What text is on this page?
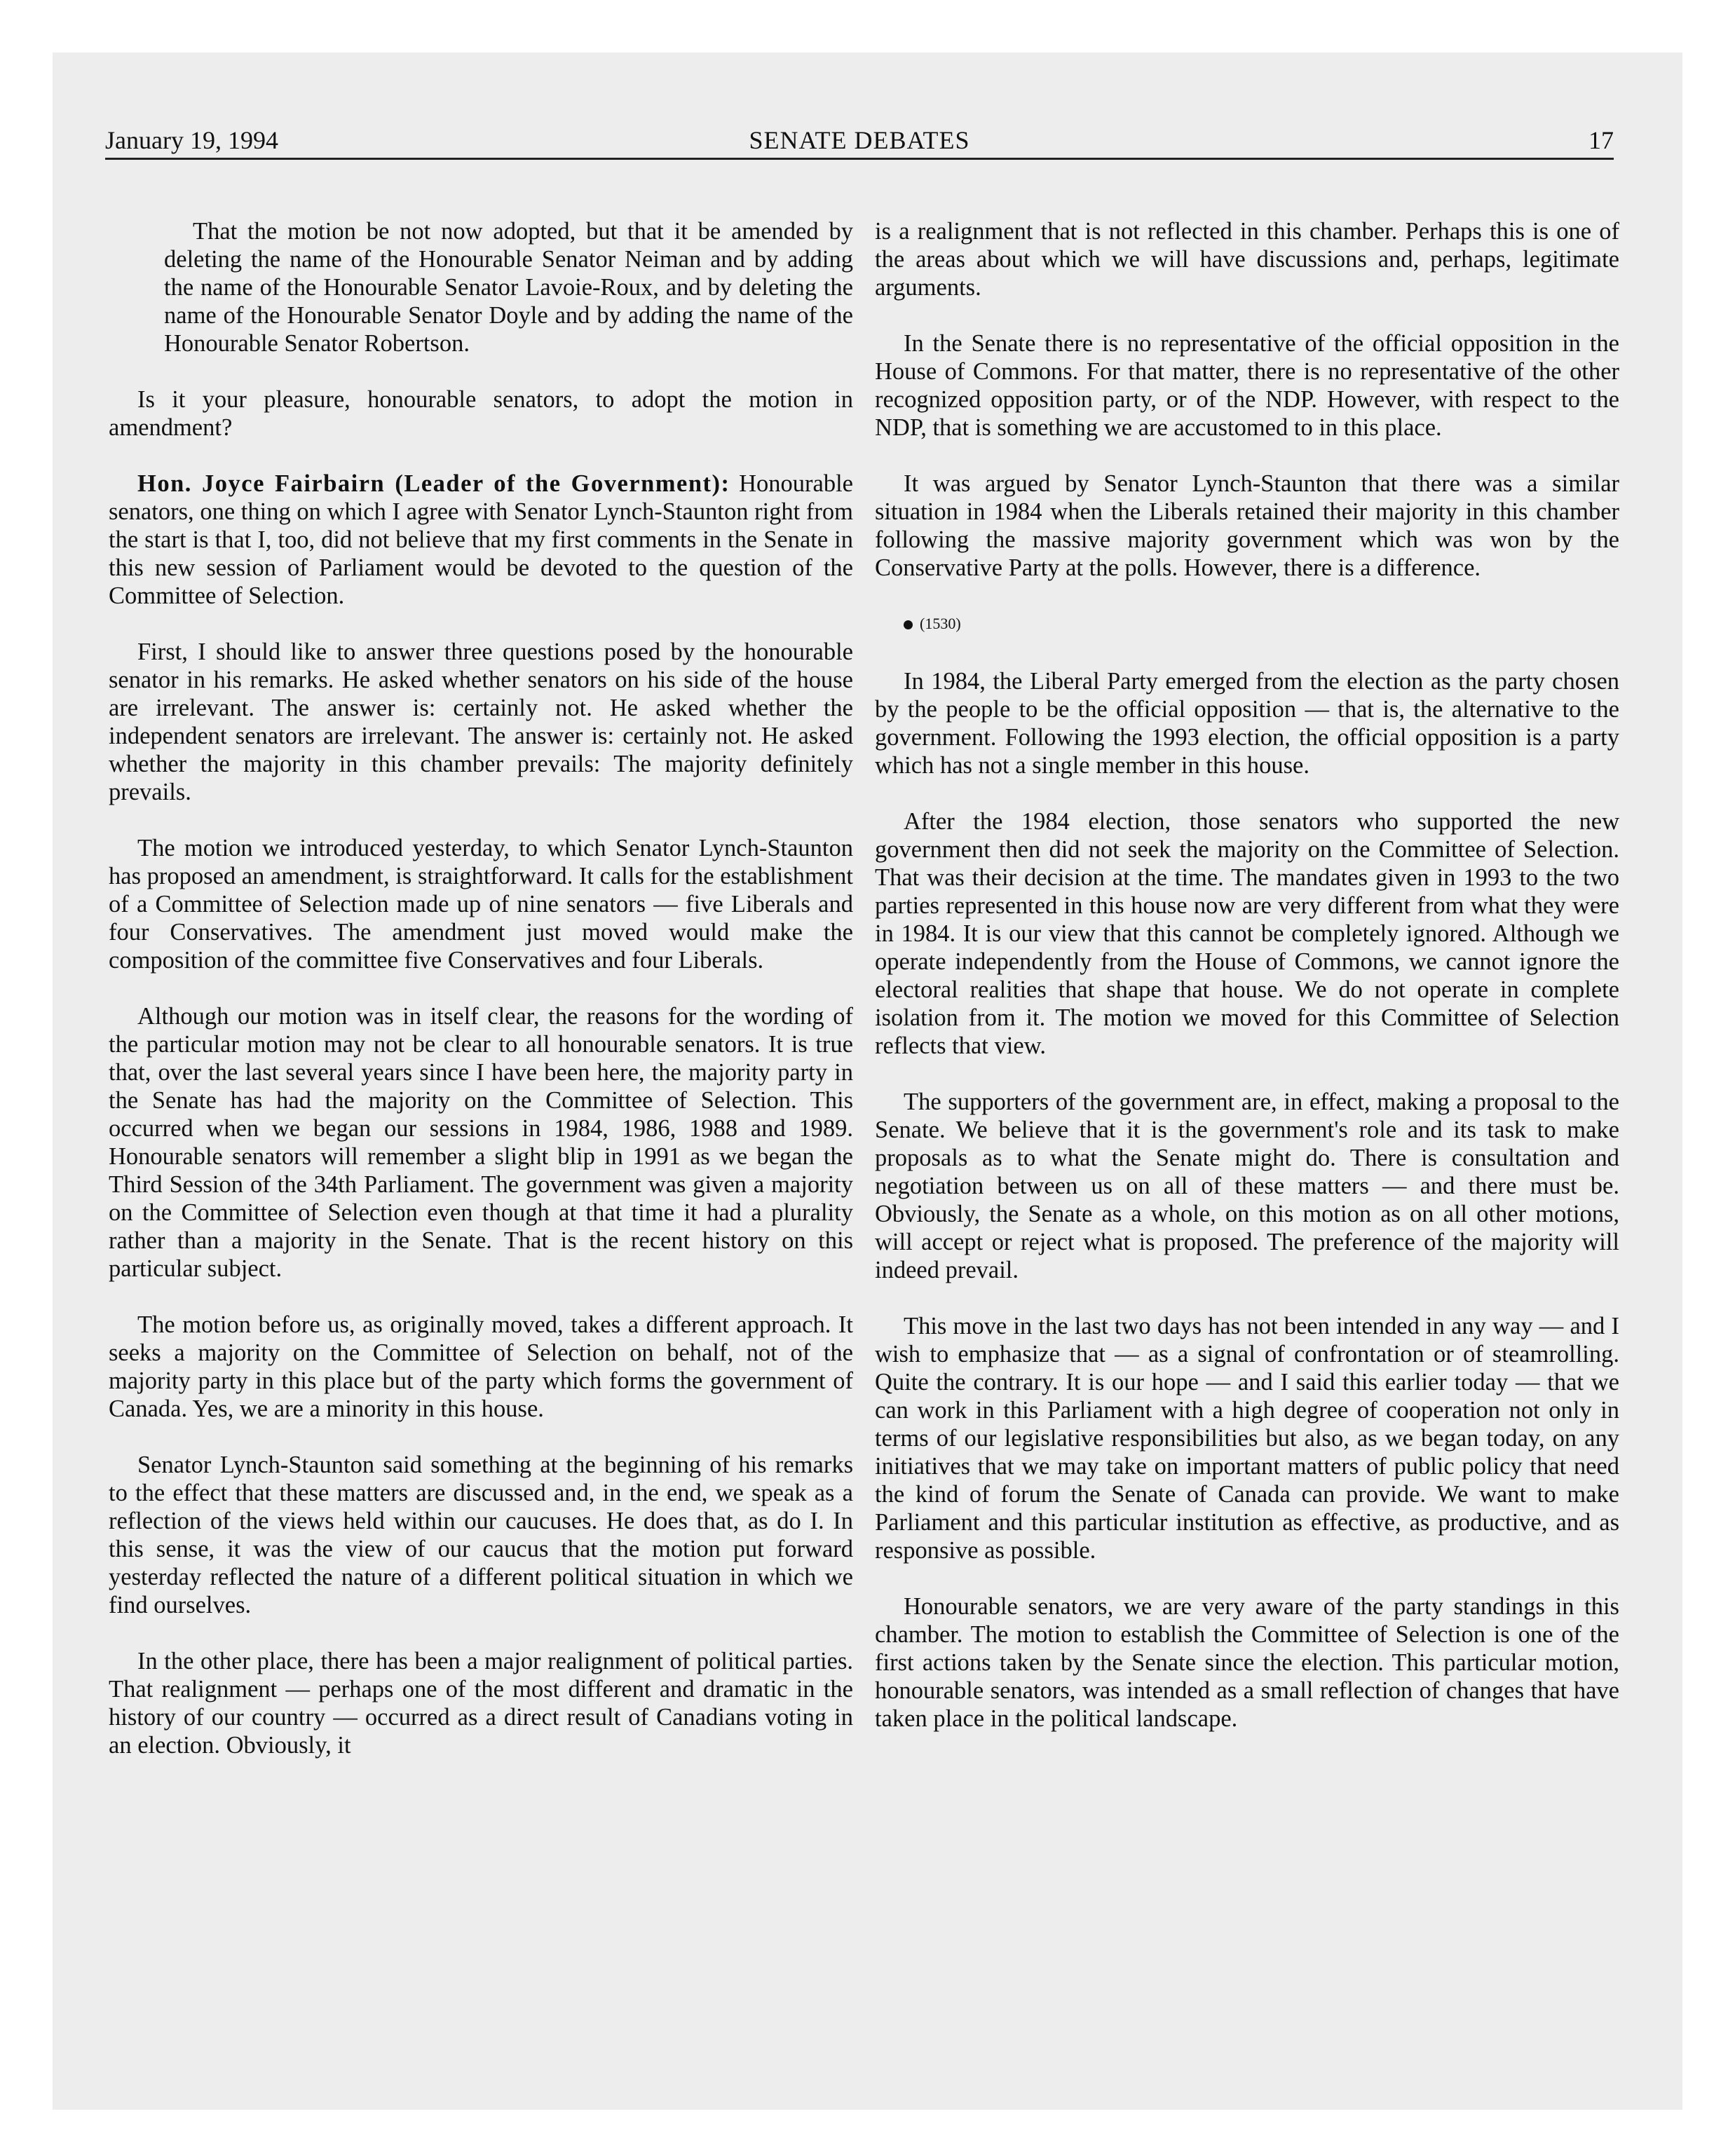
January 19, 1994	SENATE DEBATES	17

That the motion be not now adopted, but that it be amended by deleting the name of the Honourable Senator Neiman and by adding the name of the Honourable Senator Lavoie-Roux, and by deleting the name of the Honourable Senator Doyle and by adding the name of the Honourable Senator Robertson.

Is it your pleasure, honourable senators, to adopt the motion in amendment?

Hon. Joyce Fairbairn (Leader of the Government): Honourable senators, one thing on which I agree with Senator Lynch-Staunton right from the start is that I, too, did not believe that my first comments in the Senate in this new session of Parliament would be devoted to the question of the Committee of Selection.

First, I should like to answer three questions posed by the honourable senator in his remarks. He asked whether senators on his side of the house are irrelevant. The answer is: certainly not. He asked whether the independent senators are irrelevant. The answer is: certainly not. He asked whether the majority in this chamber prevails: The majority definitely prevails.

The motion we introduced yesterday, to which Senator Lynch-Staunton has proposed an amendment, is straightforward. It calls for the establishment of a Committee of Selection made up of nine senators — five Liberals and four Conservatives. The amendment just moved would make the composition of the committee five Conservatives and four Liberals.

Although our motion was in itself clear, the reasons for the wording of the particular motion may not be clear to all honourable senators. It is true that, over the last several years since I have been here, the majority party in the Senate has had the majority on the Committee of Selection. This occurred when we began our sessions in 1984, 1986, 1988 and 1989. Honourable senators will remember a slight blip in 1991 as we began the Third Session of the 34th Parliament. The government was given a majority on the Committee of Selection even though at that time it had a plurality rather than a majority in the Senate. That is the recent history on this particular subject.

The motion before us, as originally moved, takes a different approach. It seeks a majority on the Committee of Selection on behalf, not of the majority party in this place but of the party which forms the government of Canada. Yes, we are a minority in this house.

Senator Lynch-Staunton said something at the beginning of his remarks to the effect that these matters are discussed and, in the end, we speak as a reflection of the views held within our caucuses. He does that, as do I. In this sense, it was the view of our caucus that the motion put forward yesterday reflected the nature of a different political situation in which we find ourselves.

In the other place, there has been a major realignment of political parties. That realignment — perhaps one of the most different and dramatic in the history of our country — occurred as a direct result of Canadians voting in an election. Obviously, it

is a realignment that is not reflected in this chamber. Perhaps this is one of the areas about which we will have discussions and, perhaps, legitimate arguments.

In the Senate there is no representative of the official opposition in the House of Commons. For that matter, there is no representative of the other recognized opposition party, or of the NDP. However, with respect to the NDP, that is something we are accustomed to in this place.

It was argued by Senator Lynch-Staunton that there was a similar situation in 1984 when the Liberals retained their majority in this chamber following the massive majority government which was won by the Conservative Party at the polls. However, there is a difference.

(1530)

In 1984, the Liberal Party emerged from the election as the party chosen by the people to be the official opposition — that is, the alternative to the government. Following the 1993 election, the official opposition is a party which has not a single member in this house.

After the 1984 election, those senators who supported the new government then did not seek the majority on the Committee of Selection. That was their decision at the time. The mandates given in 1993 to the two parties represented in this house now are very different from what they were in 1984. It is our view that this cannot be completely ignored. Although we operate independently from the House of Commons, we cannot ignore the electoral realities that shape that house. We do not operate in complete isolation from it. The motion we moved for this Committee of Selection reflects that view.

The supporters of the government are, in effect, making a proposal to the Senate. We believe that it is the government's role and its task to make proposals as to what the Senate might do. There is consultation and negotiation between us on all of these matters — and there must be. Obviously, the Senate as a whole, on this motion as on all other motions, will accept or reject what is proposed. The preference of the majority will indeed prevail.

This move in the last two days has not been intended in any way — and I wish to emphasize that — as a signal of confrontation or of steamrolling. Quite the contrary. It is our hope — and I said this earlier today — that we can work in this Parliament with a high degree of cooperation not only in terms of our legislative responsibilities but also, as we began today, on any initiatives that we may take on important matters of public policy that need the kind of forum the Senate of Canada can provide. We want to make Parliament and this particular institution as effective, as productive, and as responsive as possible.

Honourable senators, we are very aware of the party standings in this chamber. The motion to establish the Committee of Selection is one of the first actions taken by the Senate since the election. This particular motion, honourable senators, was intended as a small reflection of changes that have taken place in the political landscape.
